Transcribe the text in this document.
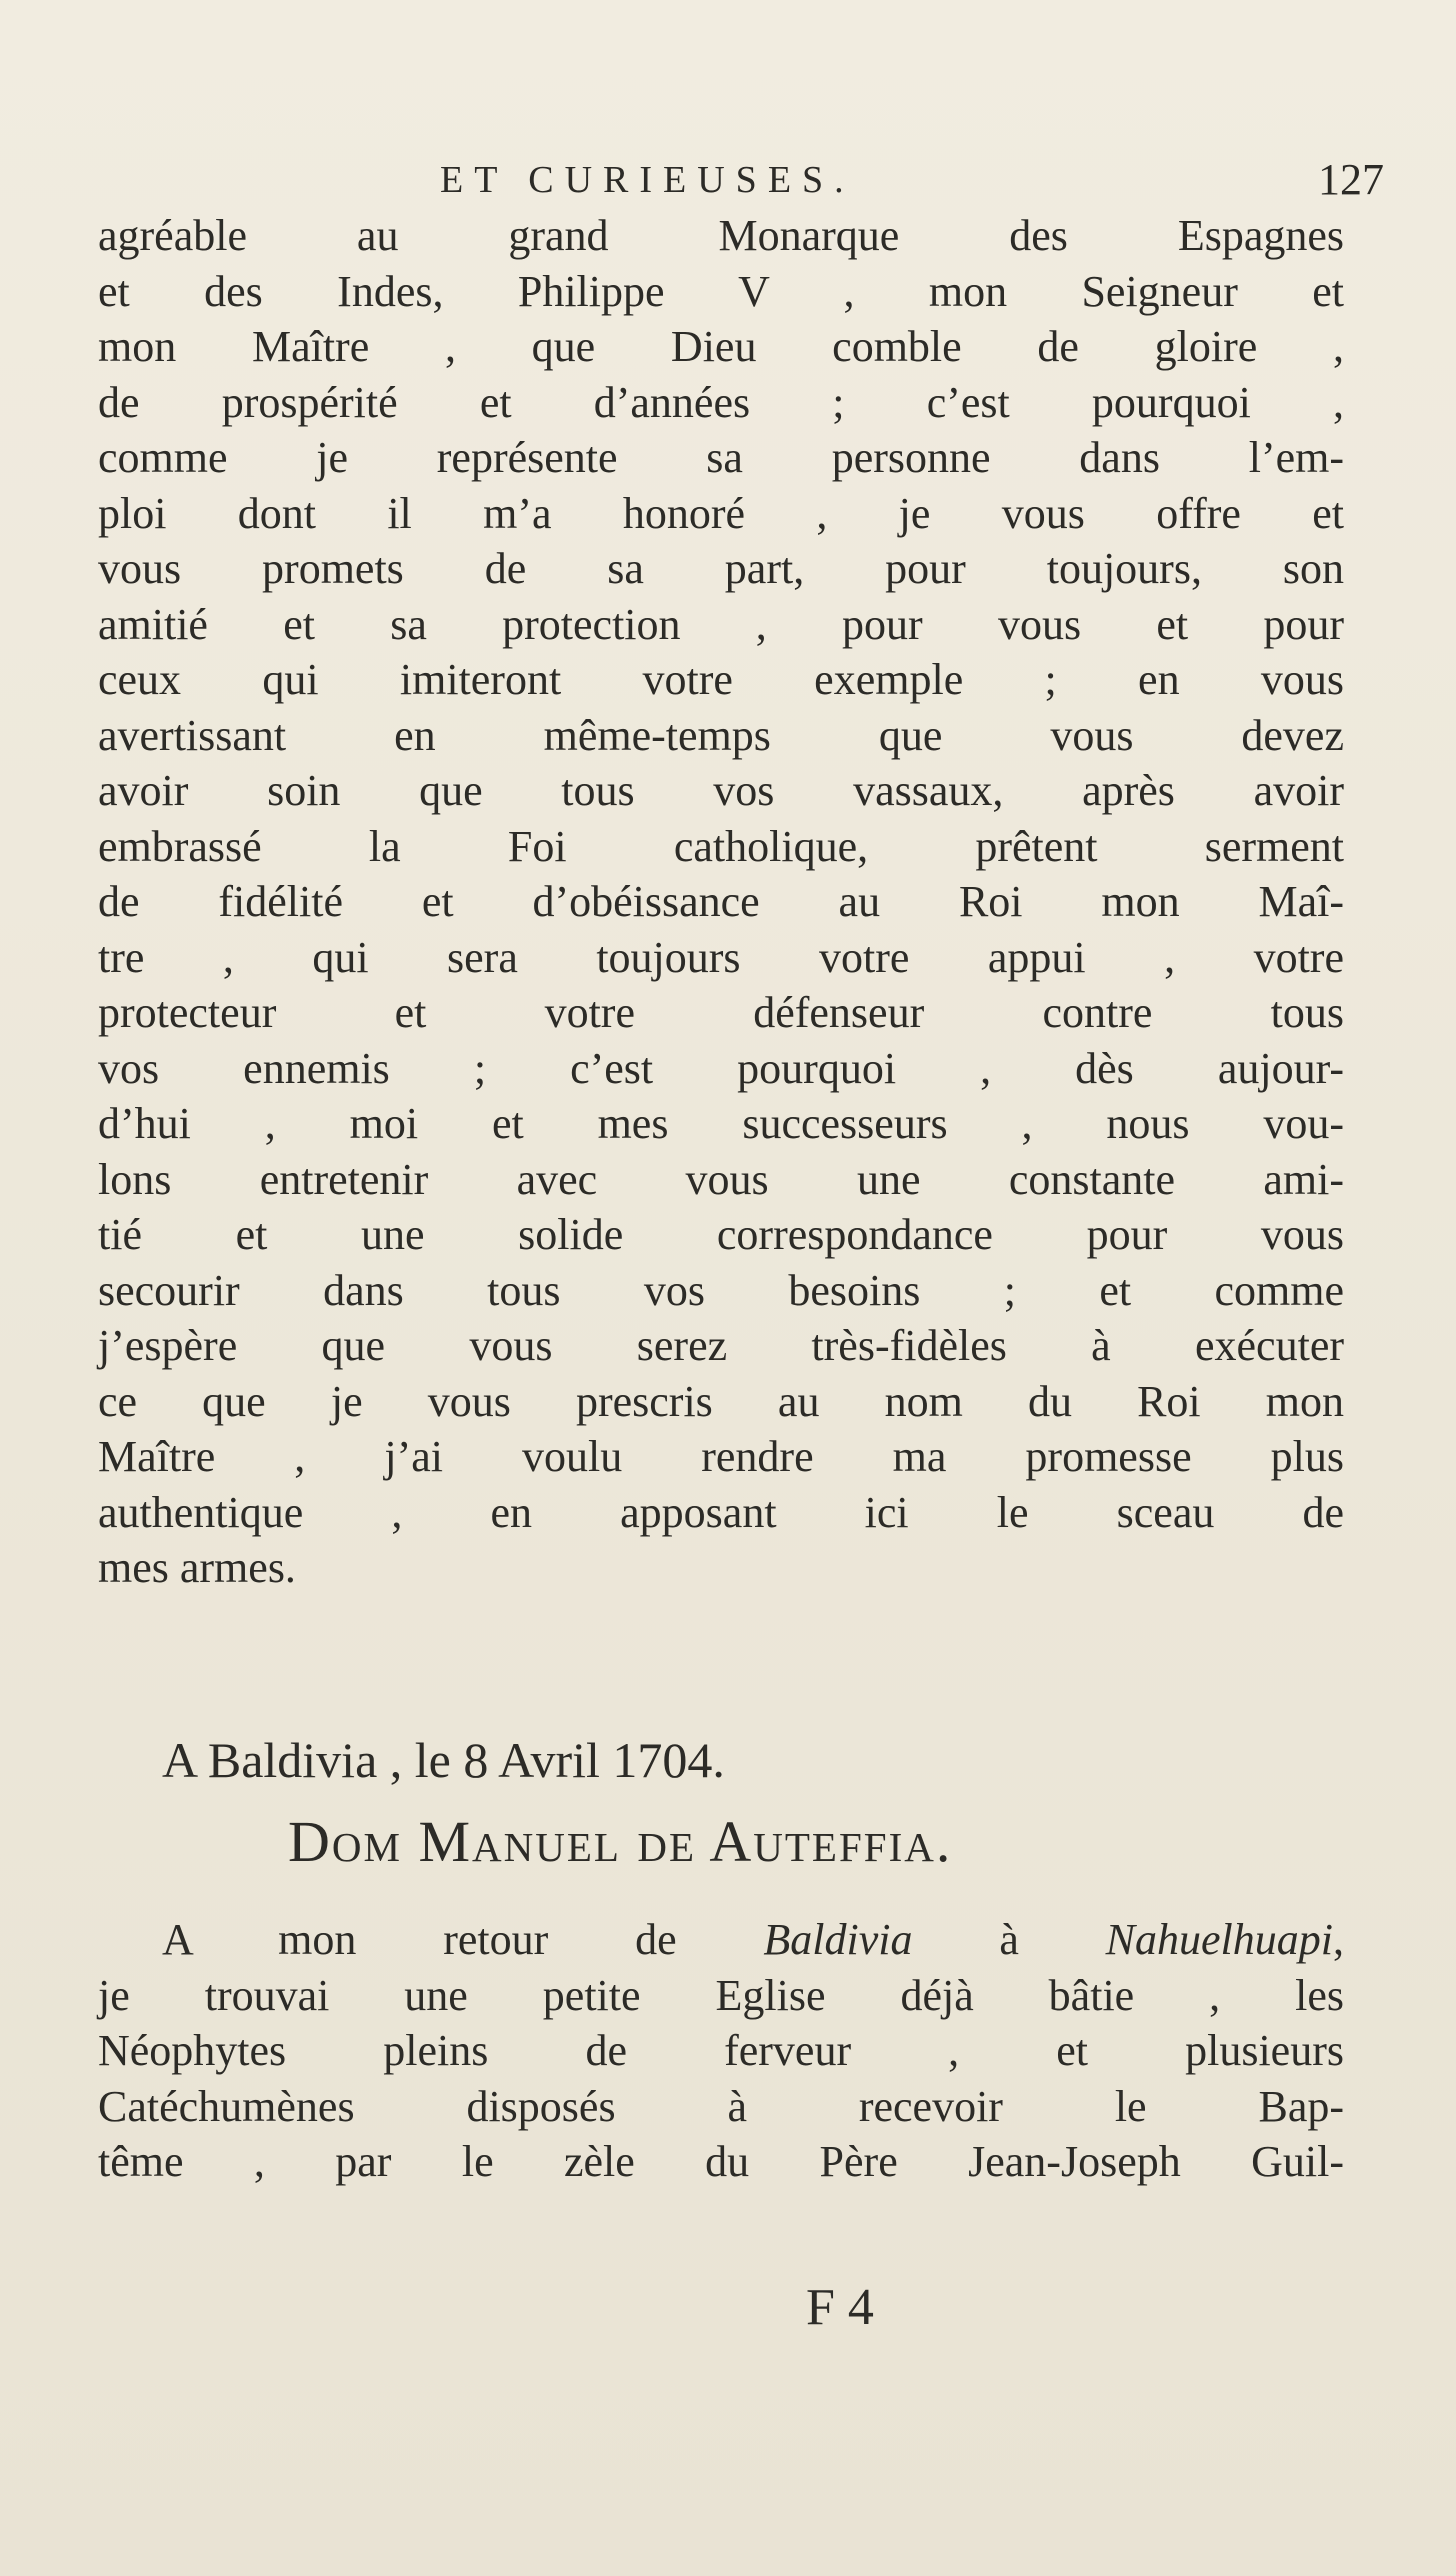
ET CURIEUSES.	127
agréable au grand Monarque des Espagnes
et des Indes, Philippe V , mon Seigneur et
mon Maître , que Dieu comble de gloire ,
de prospérité et d’années ; c’est pourquoi ,
comme je représente sa personne dans l’em-
ploi dont il m’a honoré , je vous offre et
vous promets de sa part, pour toujours, son
amitié et sa protection , pour vous et pour
ceux qui imiteront votre exemple ; en vous
avertissant en même-temps que vous devez
avoir soin que tous vos vassaux, après avoir
embrassé la Foi catholique, prêtent serment
de fidélité et d’obéissance au Roi mon Maî-
tre , qui sera toujours votre appui , votre
protecteur et votre défenseur contre tous
vos ennemis ; c’est pourquoi , dès aujour-
d’hui , moi et mes successeurs , nous vou-
lons entretenir avec vous une constante ami-
tié et une solide correspondance pour vous
secourir dans tous vos besoins ; et comme
j’espère que vous serez très-fidèles à exécuter
ce que je vous prescris au nom du Roi mon
Maître , j’ai voulu rendre ma promesse plus
authentique , en apposant ici le sceau de
mes armes.
A Baldivia , le 8 Avril 1704.
Dom Manuel de Auteffia.
A mon retour de Baldivia à Nahuelhuapi,
je trouvai une petite Eglise déjà bâtie , les
Néophytes pleins de ferveur , et plusieurs
Catéchumènes disposés à recevoir le Bap-
tême , par le zèle du Père Jean-Joseph Guil-
F 4
